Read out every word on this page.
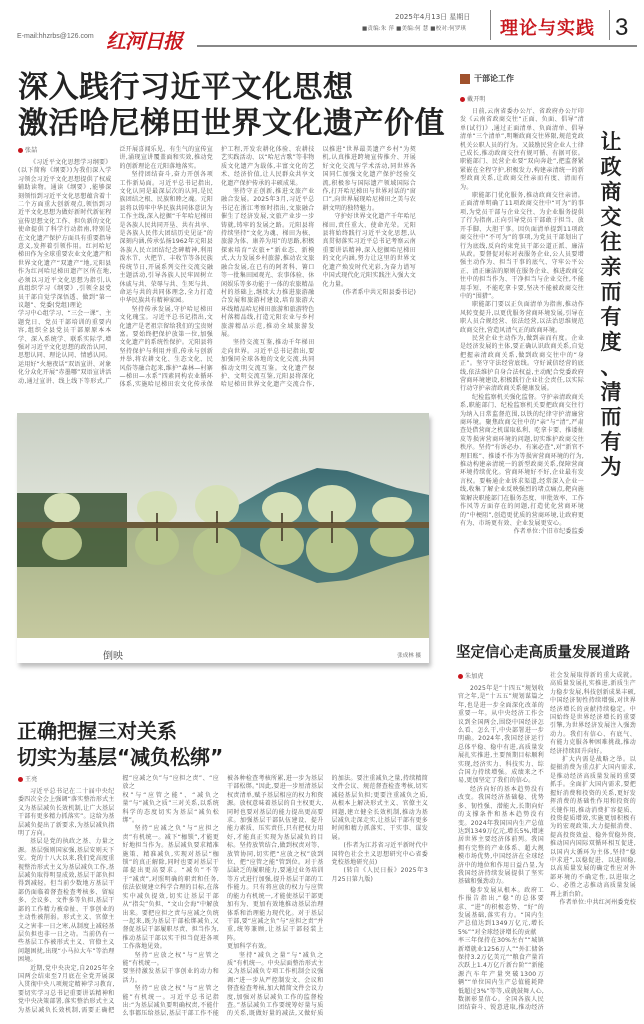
E-mail:hhzrbs@126.com 红河日报
2025年4月13日 星期日
■责编:朱 萍 ■美编:何 慧 ■校对:何罗琪 理论与实践 3
深入践行习近平文化思想
激活哈尼梯田世界文化遗产价值
张喆

《习近平文化思想学习纲要》(以下简称《纲要》)为我们深入学习领会习近平文化思想提供了权威辅助读物。通读《纲要》,能够深刻领悟到习近平文化思想蕴含着十二个方面重大创新观点,领悟到习近平文化思想为做好新时代新征程宣传思想文化工作、担负新的文化使命提供了科学行动指南,特别是在文化遗产保护方面具有重要指导意义,发挥着引领作用。红河哈尼梯田作为全球重要农业文化遗产和世界文化遗产“双遗产”地,元阳县作为红河哈尼梯田遗产区所在地,必须以习近平文化思想为指引,认真组织学习《纲要》,引领全县党员干部自觉学深悟透、做到“第一议题”、党委(党组)理论

学习中心组学习、“三会一课”、主题党日、党员干部培训的重要内容,组织全县党员干部原原本本学、深入系统学、联系实际学,增强对习近平文化思想的政治认同、思想认同、理论认同、情感认同。运用好“火塘夜话”双语宣讲、对象化分众化开展“赤墨哪”双语宣讲活动,通过宣讲、线上线下等形式,广泛开展喜闻乐见、有生气的宣传宣讲,涌现宣讲覆盖面和实效,推动党的创新理论在元阳落地落实。

坚持团结奋斗,奋力开创各项工作新局面。习近平总书记指出,文化认同是最深层次的认同,是民族团结之根、民族和睦之魂。元阳县将以铸牢中华民族共同体意识为工作主线,深入挖掘“千年哈尼梯田是各族人民共同开垦、共有共享、是各族人民伟大团结历史见证”的深刻内涵,传承弘扬1962年元阳县各族人民立团结纪念碑精神,利用泼水节、火把节、丰收节等各民族传统节日,开展系列交往交流交融主题活动,引导各族人民牢固树立休戚与共、荣辱与共、生死与共、命运与共的共同体理念,全力打造中华民族共有精神家园。

坚持传承发展,守护哈尼梯田文化瑰宝。习近平总书记指出,文化遗产是老祖宗留给我们的宝贵财富。要始终把保护放第一位,加强文化遗产的系统性保护。元阳县将坚持保护与利用并重,传承与创新并举,将农耕文化、生态文化、民风俗等融合起来,维护“森林—村寨—梯田—水系”四素同构农业循环体系,实施哈尼梯田农文化传承保护工程,开发农耕化体验、农耕技艺实践活动、以“哈尼古歌”等非物质文化遗产为载体,丰富文化的艺术、经济价值,让人民群众共享文化遗产保护传承的丰硕成果。

坚持守正创新,推进文旅产业融合发展。2025年3月,习近平总书记在浙江考察时指出,文旅融合催生了经济发展,文旅产业步一步铸就,铸牢的发展之路。元阳县将持续坚持“文化为魂、梯田为核、旅游为体、康养为用”的思路,积极探索培育“农旅+”新业态、新模式,大力发展乡村旅游,推动农文旅融合发展,在已有的阿者科、箐口等一批集田园观光、农事体验、休闲娱乐等多功能于一体的农旅精品

村的基础上,继续大力推进旅游融合发展和旅游村建设,培育旅游大环线精品哈尼梯田旅游和旅游特色村落精品线,打造元阳农业与乡村旅游精品示范,推动全域旅游发展。

坚持交流互鉴,推动千年梯田走向世界。习近平总书记指出,要加强同全球各地的文化交流,共同推动文明交流互鉴。文化遗产保护、文明交流互鉴,元阳县将深化哈尼梯田世界文化遗产交流合作,以推进“世界最美遗产乡村”为契机,认真推进跨境宣传推介、开展好文化交流与学术活动,同世界各国同仁加强文化遗产保护经验交流,积极参与国际遗产领域国际合作,打开哈尼梯田与世界对话的“窗口”,向世界展现哈尼梯田之美与农耕文明的独特魅力。

守护好世界文化遗产千年哈尼梯田,责任重大、使命光荣。元阳县将始终践行习近平文化思想,认真贯彻落实习近平总书记考察云南重要讲话精神,深入挖掘哈尼梯田的文化内涵,努力让这里的世界文化遗产焕发时代光彩,为奋力谱写中国式现代化元阳实践注入强大文化力量。

(作者系中共元阳县委书记)

干部论工作
戴开明

日前,云南省委办公厅、省政府办公厅印发《云南省政商交往“正面、负面、倡导”清单(试行)》,通过正面清单、负面清单、倡导清单“三个清单”,明晰政商交往界限,规范党政机关公职人员的行为。又鼓励民营企业人士律己成长,推动政商交往有规可循、有据可依。职能部门、民营企业要“双向奔赴”,把监督紧紧嵌在全程守护,积极发力,构建亲清统一的新型政商关系,让政商交往亲而有度、清而有为。

职能部门优化服务,推动政商交往亲清。正面清单明确了11项政商交往中“可为”的事项,为党员干部与企业交往、为企业服务提供了行为指南,正向引导党员干部敢于担当、放开手脚、大胆干事。因负面清单提到11项政商交往中“不可为”的事项,为党员干部划出了行为底线,反向约束党员干部公道正派、廉洁从政。要督促对标对表服务企业,公人员要增强主动作为、担当干事的底气、守牢公平公正、清正廉洁的原则在服务企业、推进政商交往中的担当作为、干净担当与企业交往,不能用手短、不能吃拿卡要,坚决不能被政商交往中的“围猎”。

职能部门要以正负面清单为指南,推动作风转变提升,以更优服务营商环境发展,引导在职人员合规经营、依法经营,以法治思维规范政商交往,营造风清气正的政商环境。

民营企业主动作为,做到亲而有度。企业是经济发展的主体,要正确认识政商关系,自觉把握亲清政商关系,做到政商交往中的“身正”。坚守守法经营底线。守好诚信经营的底线,依法维护自身合法权益,主动配合党委政府营商环境建设,积极践行企业社会责任,以实际行动守护亲清政商关系健康发展。

纪检监察机关强化监督。守护亲清政商关系,职能部门、纪检监察机关要把政商交往行为纳入日常监督范围,以铁的纪律守护清廉营商环境。聚焦政商交往中的“亲”与“清”,严肃查处借营商之机谋取私利、吃拿卡要、推诿扯皮等损害营商环境的问题,切实维护政商交往秩序。坚持“有诉必办、有案必查”,对“新官不理旧账”、推诿不作为等损害营商环境的行为,推动构建亲清统一的新型政商关系,保障营商环境持续优化。营商环境好不好,企业最有发言权。要畅通企业诉求渠道,经常深入企业一线,收集了解企业反映强烈的堵点痛点,靶向施策解决职能部门在服务态度、审批效率、工作作风等方面存在的问题,打造优化营商环境的“中梗阻”,创造更优质的营商环境,让政府更有为、市场更有效、企业发展更安心。

作者单位:个旧市纪委监委

让
政
商
交
往
亲
而
有
度
、
清
而
有
为
倒映	张成林 摄
正确把握三对关系
切实为基层“减负松绑”
王亮

习近平总书记在二十届中央纪委四次全会上强调“落实整治形式主义为基层减负长效机制,让广大基层干部有更多精力抓落实”。这给为基层减负提出了新要求,为基层减负指明了方向。

基层是党的执政之基、力量之源。基层强则国家强,基层安则天下安。党的十八大以来,我们党高度重视整治形式主义为基层减负工作,基层减负取得明显成效,基层干部负担得到减轻。但当前少数地方基层干部仍面临着督查检查考核多、留痕多、会议多、文件多等负担,基层干部的工作精力被牵扯、干事创业的主动性被削弱。形式主义、官僚主义之害非一日之寒,从制度上减轻基层负担也非一日之功。当前仍有一些基层工作被形式主义、官僚主义问题困扰,出现“小马拉大车”等治理困境。

近期,党中央决定,自2025年全国两会结束至7月底在全党开展深入贯彻中央八项规定精神学习教育,要切实学习总书记重要讲话精神和党中央决策部署,落实整治形式主义为基层减负长效机制,需要正确把握“应减之负”与“应担之责”、“应放之

权”与“应管之能”、“减负之量”与“减负之质”三对关系,以系统科学的态度切实为基层“减负松绑”。

坚持“应减之负”与“应担之责”有机统一。减下“枷锁”,才能更好地担当作为。基层减负要求精准施策、精准减负,实现对基层“枷锁”的真正解除,同时也要对基层干部提出更高要求。“减负”不等于“减责”,对照明确的职责和任务,依法依规建立科学合理的目标,在落实中减负提效,切实让基层干部从“指尖”负担、“文山会海”中解放出来。要把应担之责与应减之负统一起来,既为基层干部松绑减负,又督促基层干部履职尽责、担当作为,推动基层干部以实干担当促进各项工作落地见效。

坚持“应放之权”与“应管之能”有机统一。

要坚持激发基层干事创业的动力和活力。

坚持“应放之权”与“应管之能”有机统一。习近平总书记指出:“为基层减负要明确权责,不能什么事都压给基层,基层干部工作不能被各种检查考核所累,进一步为基层干部松绑。”因此,要进一步厘清基层权责清单,赋予基层相应的权力和资源。放权意味着基层的自主权更大,同时也要对基层的能力提出更高要求。加强基层干部队伍建设、提升能力素质、压实责任,只有把权力用好,才能真正实现为基层减负的目标。坚持放管结合,做到权责对等、放管协同,切实把“应放之权”放到位、把“应管之能”管到位。对于基层缺乏的履职能力,要通过业务培训等方式进行加强,提升基层干部的工作能力。只有将应放的权力与应管的能力有机统一,才能使基层干部更加有为、更加有效地推动基层治理体系和治理能力现代化。对于基层干部,要“应减之负”与“应担之责”并重,统筹兼顾,让基层干部轻装上阵。

更加科学有效。

坚持“减负之量”与“减负之质”有机统一。中央层面整治形式主义为基层减负专项工作机制会议强调:“进一步从严控制发文、会议和督查检查考核,加大精简文件会议力度,加强对基层减负工作的监督检查。”基层减负工作要统筹好量与质的关系,既做好量的减法,又做好质的加法。要注重减负之量,持续精简文件会议、规范督查检查考核,切实减轻基层负担;更要注重减负之质,从根本上解决形式主义、官僚主义问题,建立健全长效机制,推动为基层减负走深走实,让基层干部有更多时间和精力抓落实、干实事、谋发展。

(作者为江苏省习近平新时代中国特色社会主义思想研究中心省委党校基地研究员)

(转自《人民日报》2025年3月25日第九版)

坚定信心走高质量发展道路
朱加虎

2025年是“十四五”规划收官之年,是“十五五”规划谋篇之年,也是进一步全面深化改革的重要一年。从中央经济工作会议到全国两会,围绕中国经济怎么看、怎么干,中央部署进一步明确。2024年,我国经济运行总体平稳、稳中有进,高质量发展扎实推进,主要预期目标顺利实现,经济实力、科技实力、综合国力持续增强。成绩来之不易,更加坚定了我们的信心。

经济向好的基本趋势没有改变。我国经济基础稳、优势多、韧性强、潜能大,长期向好的支撑条件和基本趋势没有变。2024年我国国内生产总值达到1349万亿元,增长5%,增速居世界主要经济体前列。我国拥有完整的产业体系、超大规模市场优势,中国经济在全球经济中的地位和作用日益凸显,为我国经济持续发展提供了坚实基础和强劲动力。

稳步发展从根本。政府工作报告指出,“稳”的总体要求、“进”的积极态势、“好”的发展基础,落实有力。“国内生产总值达到1349万亿元,增长5%”“对全球经济增长的贡献

率三年保持在30%左右”“城镇新增就业1256万人”“外汇储备保持3.2万亿美元”“粮食产量首次跃上1.4万亿斤新台阶”“新能源汽车年产量突破1300万辆”“单位国内生产总值能耗降低超过3%”等等,成就鼓舞人心,数据彰显信心。全国各族人民团结奋斗、锐意进取,推动经济社会发展取得新的重大成就。高质量发展扎实推进,新质生产力稳步发展,科技创新成果丰硕,中国经济韧性持续增强,对世界经济增长的贡献持续稳定。中国始终是世界经济增长的重要引擎,为世界经济发展注入强劲动力。我们有信心、有底气、有能力克服各种困难挑战,推动经济持续回升向好。

扩大内需是战略之举。以提振消费为重点扩大国内需求,是推动经济高质量发展的重要抓手。全面扩大国内需求,要把握好消费和投资的关系,更好发挥消费的基础性作用和投资的关键作用,推动消费扩容提质、投资提质增效,实施更加积极有为的宏观政策,大力提振消费、提高投资效益、稳外贸稳外资,推动国内国际双循环相互促进,以国内大循环为主体,坚持“稳中求进”,以稳促进、以进固稳,以高质量发展的确定性应对外部环境的不确定性,以进取之心、必胜之志推动高质量发展再上新台阶。

作者单位:中共红河州委党校
